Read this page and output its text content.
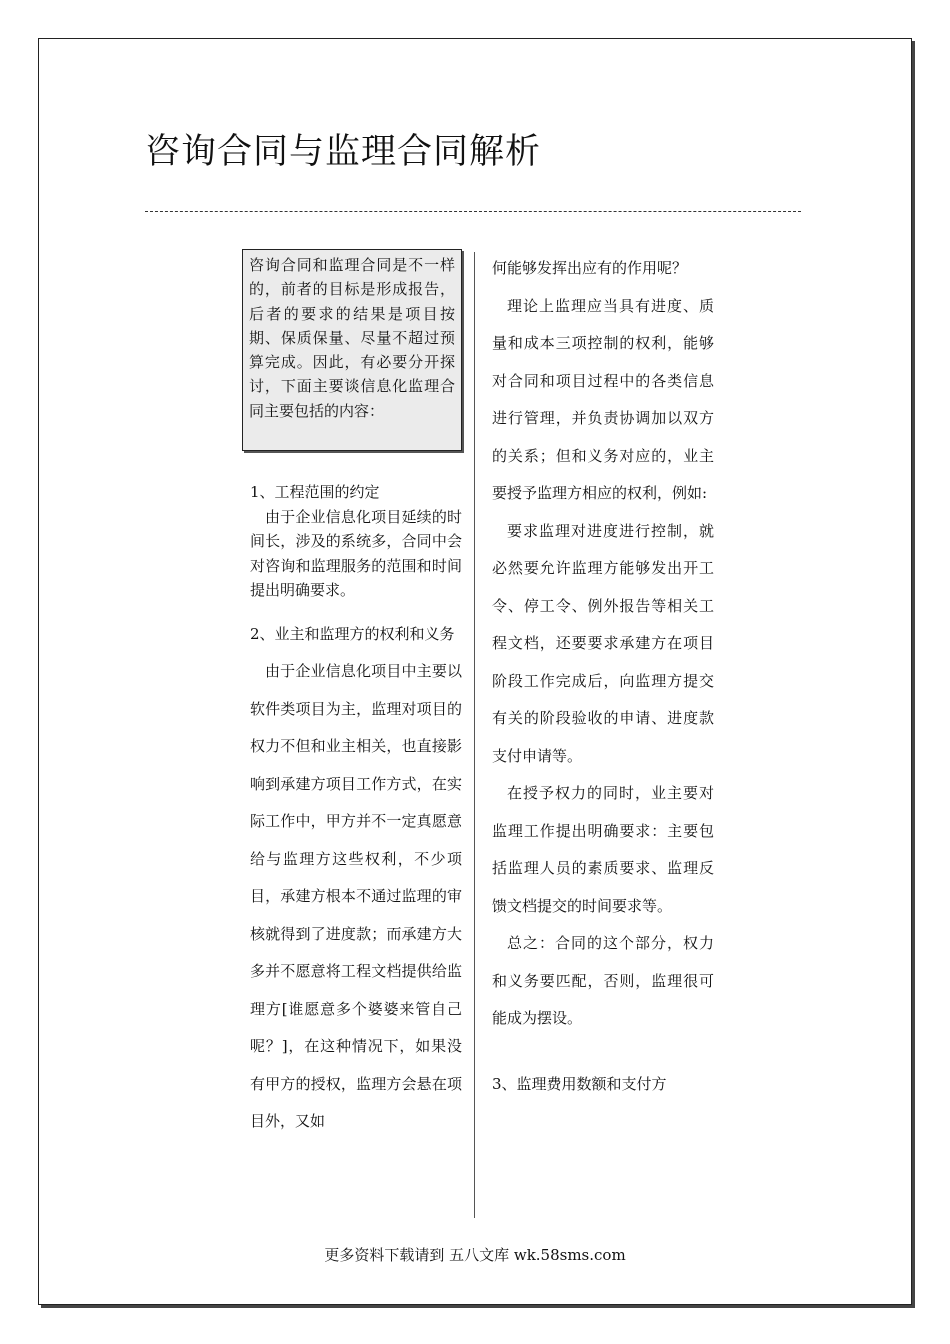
咨询合同与监理合同解析
咨询合同和监理合同是不一样的，前者的目标是形成报告，后者的要求的结果是项目按期、保质保量、尽量不超过预算完成。因此，有必要分开探讨，下面主要谈信息化监理合同主要包括的内容：

1、工程范围的约定

由于企业信息化项目延续的时间长，涉及的系统多，合同中会对咨询和监理服务的范围和时间提出明确要求。

2、业主和监理方的权利和义务

由于企业信息化项目中主要以软件类项目为主，监理对项目的权力不但和业主相关，也直接影响到承建方项目工作方式，在实际工作中，甲方并不一定真愿意给与监理方这些权利，不少项目，承建方根本不通过监理的审核就得到了进度款；而承建方大多并不愿意将工程文档提供给监理方[谁愿意多个婆婆来管自己呢？]，在这种情况下，如果没有甲方的授权，监理方会悬在项目外，又如

何能够发挥出应有的作用呢？

理论上监理应当具有进度、质量和成本三项控制的权利，能够对合同和项目过程中的各类信息进行管理，并负责协调加以双方的关系；但和义务对应的，业主要授予监理方相应的权利，例如:

要求监理对进度进行控制，就必然要允许监理方能够发出开工令、停工令、例外报告等相关工程文档，还要要求承建方在项目阶段工作完成后，向监理方提交有关的阶段验收的申请、进度款支付申请等。

在授予权力的同时，业主要对监理工作提出明确要求：主要包括监理人员的素质要求、监理反馈文档提交的时间要求等。

总之：合同的这个部分，权力和义务要匹配，否则，监理很可能成为摆设。

3、监理费用数额和支付方

更多资料下载请到 五八文库 wk.58sms.com
